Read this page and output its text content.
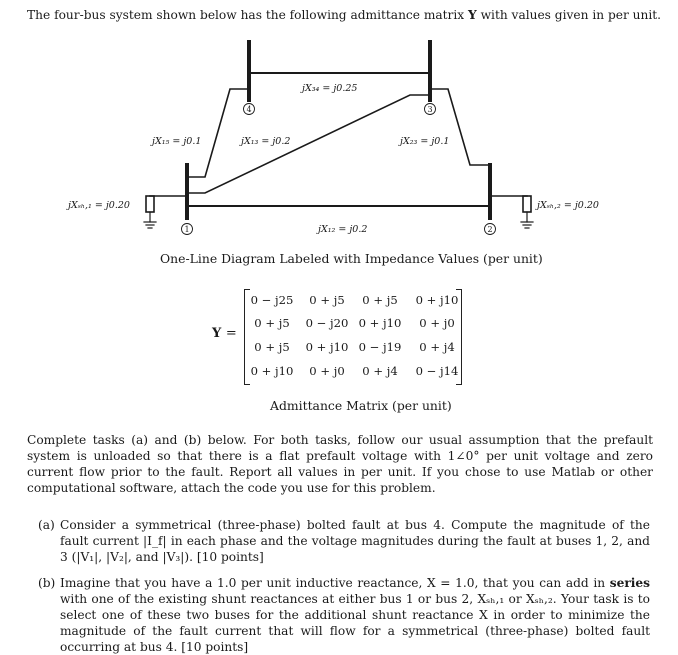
The four-bus system shown below has the following admittance matrix Y with values given in per unit.
4	3
1	2
jX₃₄ = j0.25
jX₁₅ = j0.1	jX₁₃ = j0.2	jX₂₃ = j0.1
jXₛₕ,₁ = j0.20	jXₛₕ,₂ = j0.20
jX₁₂ = j0.2
One-Line Diagram Labeled with Impedance Values (per unit)
Y =
0 − j25 0 + j5 0 + j5 0 + j10
0 + j5 0 − j20 0 + j10 0 + j0
0 + j5 0 + j10 0 − j19 0 + j4
0 + j10 0 + j0 0 + j4 0 − j14
Admittance Matrix (per unit)
Complete tasks (a) and (b) below. For both tasks, follow our usual assumption that the prefault system is unloaded so that there is a flat prefault voltage with 1∠0° per unit voltage and zero current flow prior to the fault. Report all values in per unit. If you chose to use Matlab or other computational software, attach the code you use for this problem.
(a) Consider a symmetrical (three-phase) bolted fault at bus 4. Compute the magnitude of the fault current |I_f| in each phase and the voltage magnitudes during the fault at buses 1, 2, and 3 (|V₁|, |V₂|, and |V₃|). [10 points]
(b) Imagine that you have a 1.0 per unit inductive reactance, X = 1.0, that you can add in series with one of the existing shunt reactances at either bus 1 or bus 2, Xₛₕ,₁ or Xₛₕ,₂. Your task is to select one of these two buses for the additional shunt reactance X in order to minimize the magnitude of the fault current that will flow for a symmetrical (three-phase) bolted fault occurring at bus 4. [10 points]
